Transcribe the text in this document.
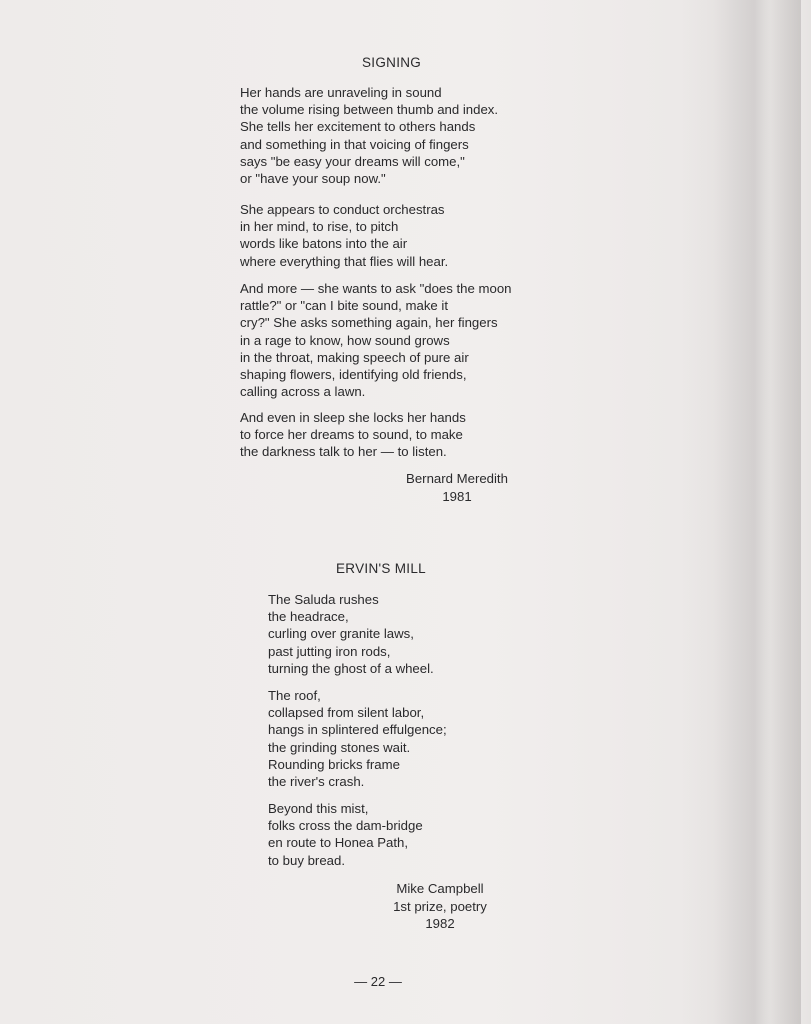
SIGNING

Her hands are unraveling in sound
the volume rising between thumb and index.
She tells her excitement to others hands
and something in that voicing of fingers
says "be easy your dreams will come,"
or "have your soup now."

She appears to conduct orchestras
in her mind, to rise, to pitch
words like batons into the air
where everything that flies will hear.

And more — she wants to ask "does the moon
rattle?" or "can I bite sound, make it
cry?" She asks something again, her fingers
in a rage to know, how sound grows
in the throat, making speech of pure air
shaping flowers, identifying old friends,
calling across a lawn.

And even in sleep she locks her hands
to force her dreams to sound, to make
the darkness talk to her — to listen.

Bernard Meredith
1981
ERVIN'S MILL

The Saluda rushes
the headrace,
curling over granite laws,
past jutting iron rods,
turning the ghost of a wheel.

The roof,
collapsed from silent labor,
hangs in splintered effulgence;
the grinding stones wait.
Rounding bricks frame
the river's crash.

Beyond this mist,
folks cross the dam-bridge
en route to Honea Path,
to buy bread.

Mike Campbell
1st prize, poetry
1982
— 22 —
